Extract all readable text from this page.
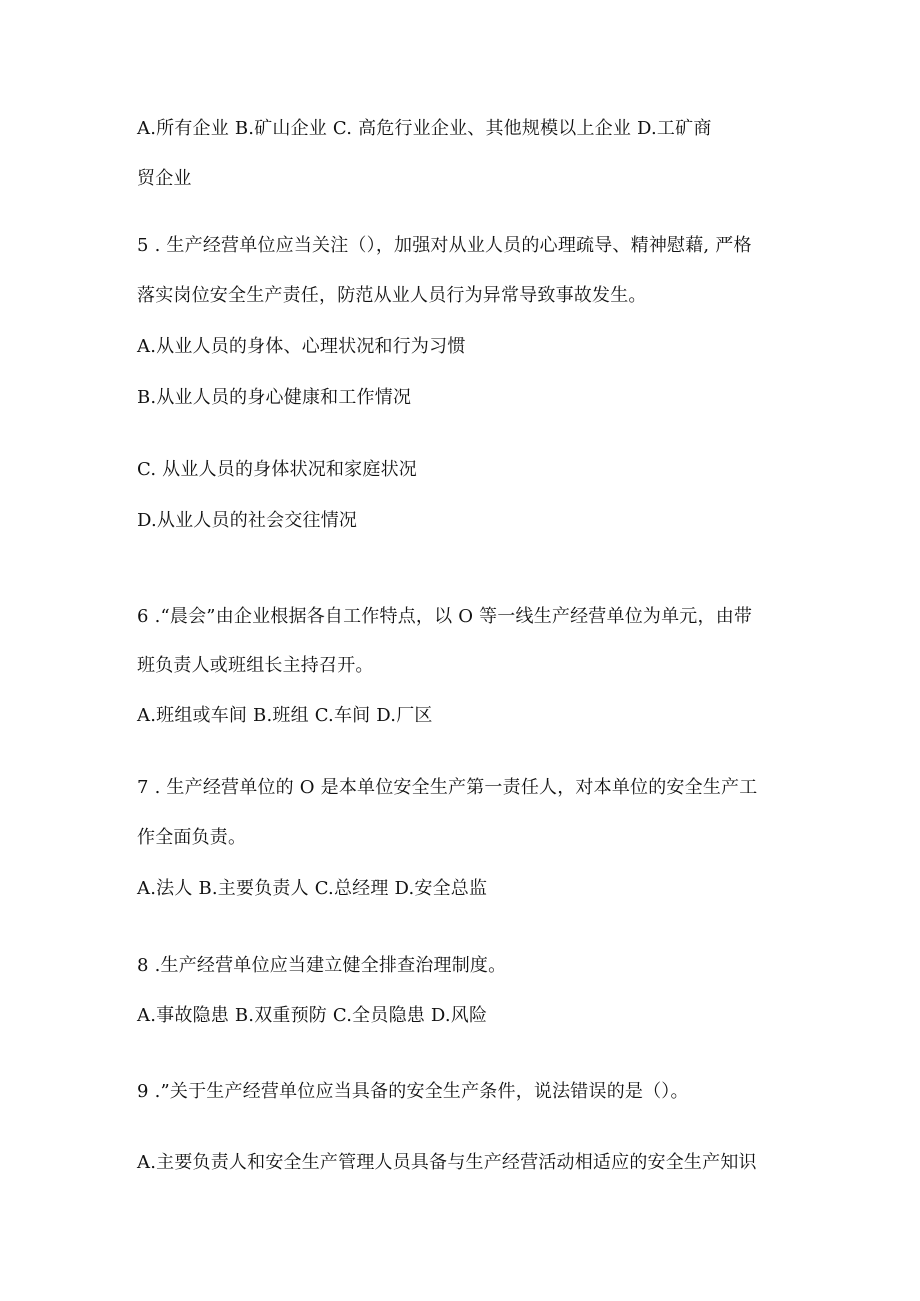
A.所有企业 B.矿山企业 C. 高危行业企业、其他规模以上企业 D.工矿商
贸企业
5 . 生产经营单位应当关注（），加强对从业人员的心理疏导、精神慰藉, 严格
落实岗位安全生产责任，防范从业人员行为异常导致事故发生。
A.从业人员的身体、心理状况和行为习惯
B.从业人员的身心健康和工作情况
C. 从业人员的身体状况和家庭状况
D.从业人员的社会交往情况
6 .“晨会”由企业根据各自工作特点，以 O 等一线生产经营单位为单元，由带
班负责人或班组长主持召开。
A.班组或车间 B.班组 C.车间 D.厂区
7 . 生产经营单位的 O 是本单位安全生产第一责任人，对本单位的安全生产工
作全面负责。
A.法人 B.主要负责人 C.总经理 D.安全总监
8 .生产经营单位应当建立健全排查治理制度。
A.事故隐患 B.双重预防 C.全员隐患 D.风险
9 .”关于生产经营单位应当具备的安全生产条件，说法错误的是（）。
A.主要负责人和安全生产管理人员具备与生产经营活动相适应的安全生产知识
